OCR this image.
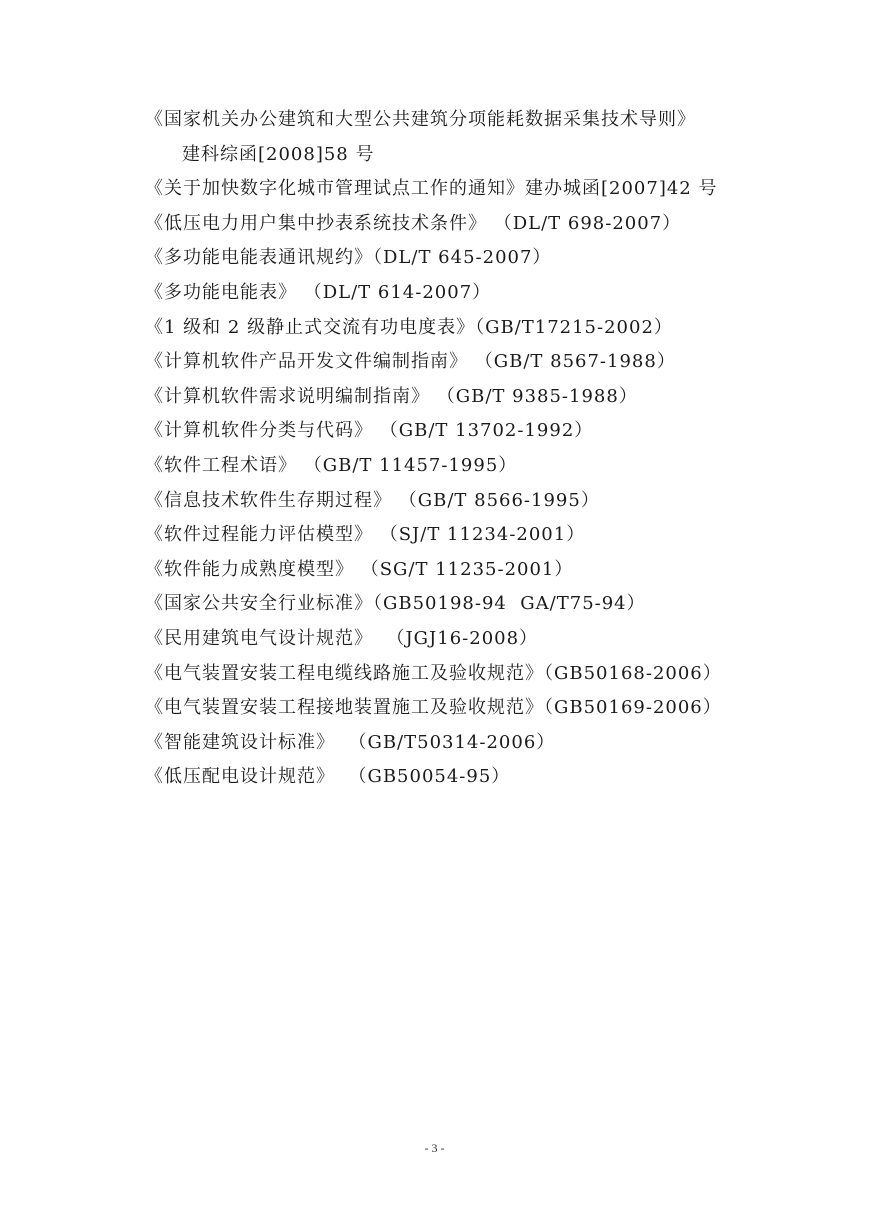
《国家机关办公建筑和大型公共建筑分项能耗数据采集技术导则》
建科综函[2008]58 号
《关于加快数字化城市管理试点工作的通知》建办城函[2007]42 号
《低压电力用户集中抄表系统技术条件》 （DL/T 698-2007）
《多功能电能表通讯规约》（DL/T 645-2007）
《多功能电能表》 （DL/T 614-2007）
《1 级和 2 级静止式交流有功电度表》（GB/T17215-2002）
《计算机软件产品开发文件编制指南》 （GB/T 8567-1988）
《计算机软件需求说明编制指南》 （GB/T 9385-1988）
《计算机软件分类与代码》 （GB/T 13702-1992）
《软件工程术语》 （GB/T 11457-1995）
《信息技术软件生存期过程》 （GB/T 8566-1995）
《软件过程能力评估模型》 （SJ/T 11234-2001）
《软件能力成熟度模型》 （SG/T 11235-2001）
《国家公共安全行业标准》（GB50198-94  GA/T75-94）
《民用建筑电气设计规范》  （JGJ16-2008）
《电气装置安装工程电缆线路施工及验收规范》（GB50168-2006）
《电气装置安装工程接地装置施工及验收规范》（GB50169-2006）
《智能建筑设计标准》  （GB/T50314-2006）
《低压配电设计规范》  （GB50054-95）
- 3 -
